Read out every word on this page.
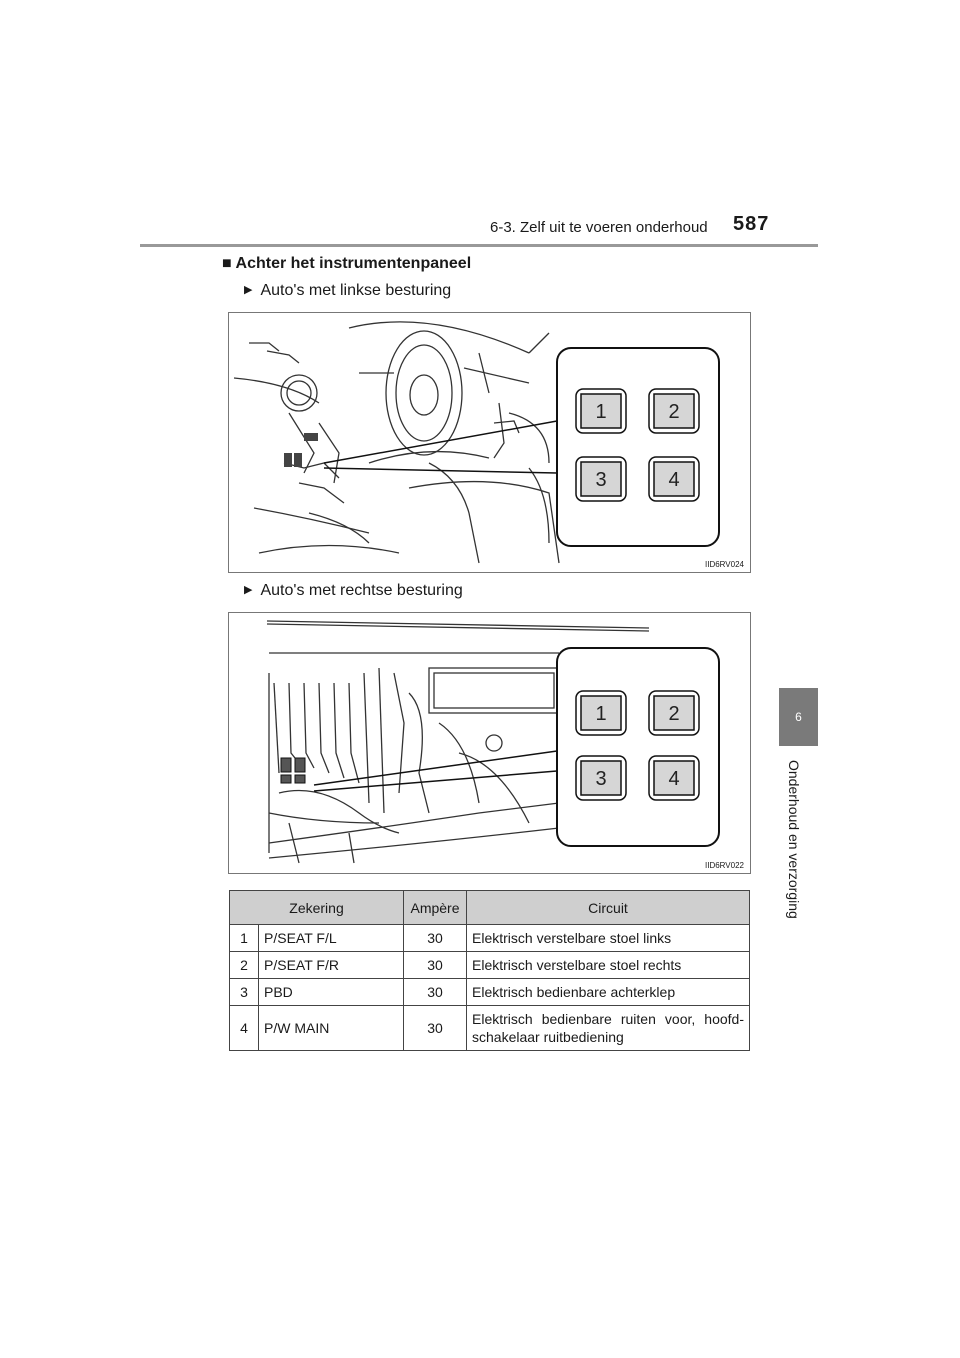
6-3. Zelf uit te voeren onderhoud 587
6
Onderhoud en verzorging
■ Achter het instrumentenpaneel
▶ Auto's met linkse besturing
1	2
3	4
IID6RV024
▶ Auto's met rechtse besturing
1	2
3	4
IID6RV022
Zekering		Ampère	Circuit
1	P/SEAT F/L	30	Elektrisch verstelbare stoel links
2	P/SEAT F/R	30	Elektrisch verstelbare stoel rechts
3	PBD	30	Elektrisch bedienbare achterklep
4	P/W MAIN	30	Elektrisch bedienbare ruiten voor, hoofd-schakelaar ruitbediening
